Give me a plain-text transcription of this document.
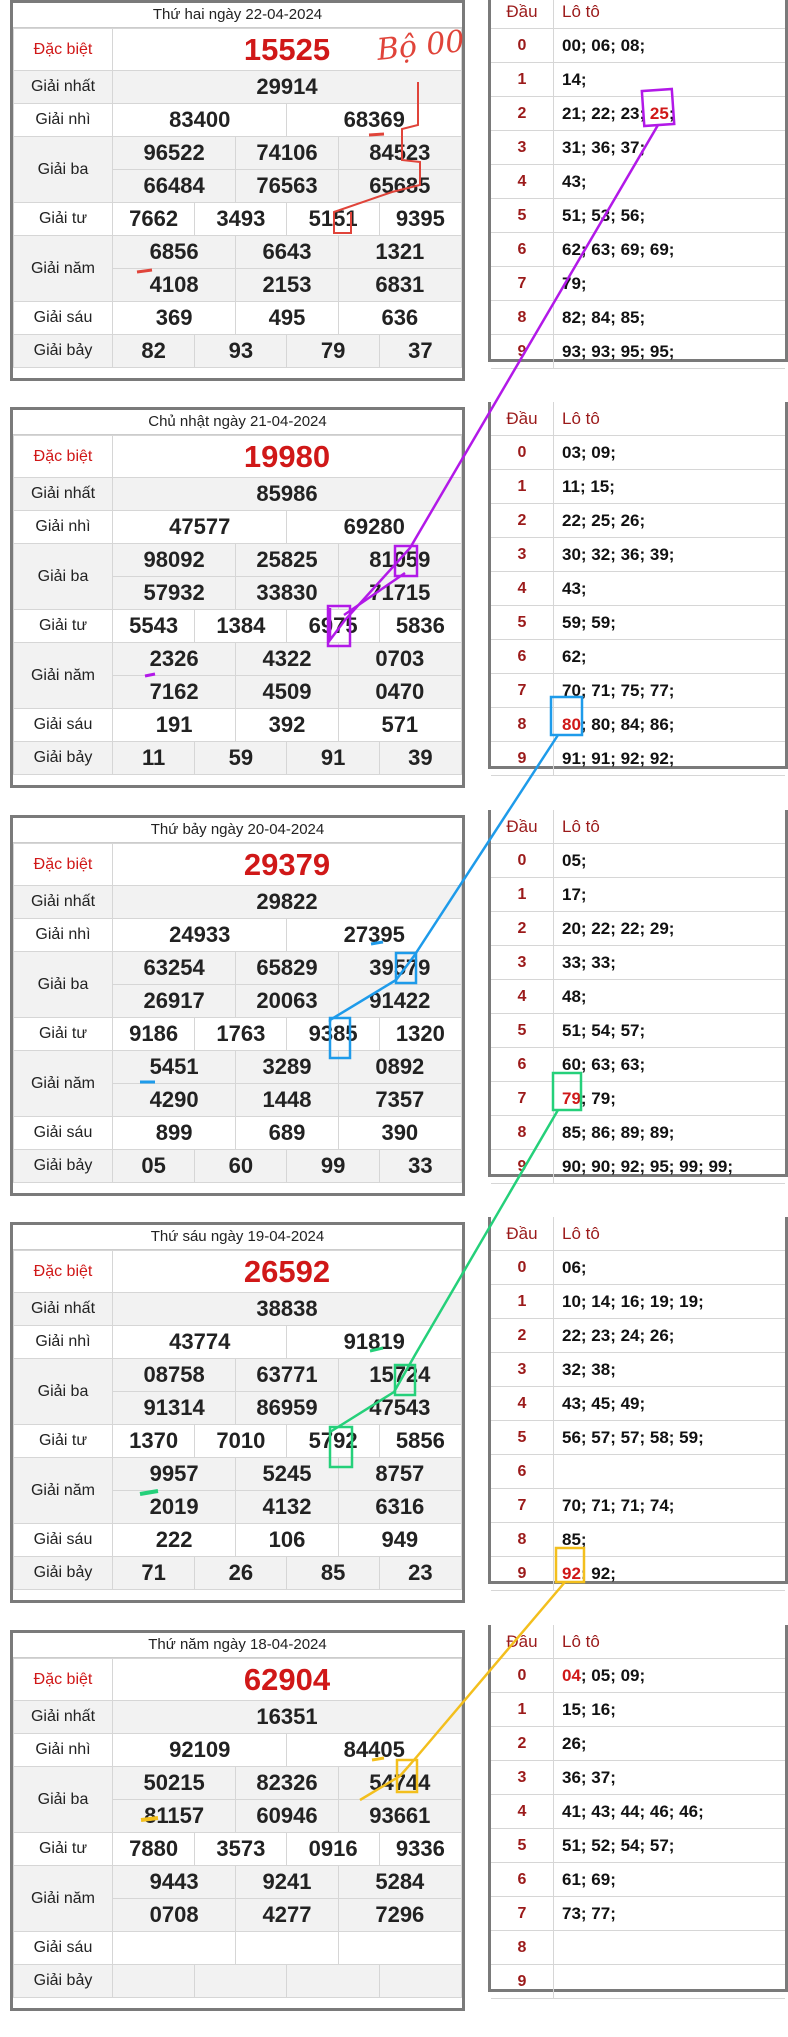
Thứ hai ngày 22-04-2024
Đặc biệt	15525					
Giải nhất	29914					
Giải nhì	83400			68369		
Giải ba	96522		74106		84523	
	66484		76563		65685	
Giải tư	7662	3493		5151		9395
Giải năm	6856		6643		1321	
	4108		2153		6831	
Giải sáu	369		495		636	
Giải bảy	82	93		79		37
Đầu	Lô tô
0	00; 06; 08;
1	14;
2	21; 22; 23; 25;
3	31; 36; 37;
4	43;
5	51; 53; 56;
6	62; 63; 69; 69;
7	79;
8	82; 84; 85;
9	93; 93; 95; 95;
Chủ nhật ngày 21-04-2024
Đặc biệt	19980					
Giải nhất	85986					
Giải nhì	47577			69280		
Giải ba	98092		25825		81059	
	57932		33830		71715	
Giải tư	5543	1384		6975		5836
Giải năm	2326		4322		0703	
	7162		4509		0470	
Giải sáu	191		392		571	
Giải bảy	11	59		91		39
Đầu	Lô tô
0	03; 09;
1	11; 15;
2	22; 25; 26;
3	30; 32; 36; 39;
4	43;
5	59; 59;
6	62;
7	70; 71; 75; 77;
8	80; 80; 84; 86;
9	91; 91; 92; 92;
Thứ bảy ngày 20-04-2024
Đặc biệt	29379					
Giải nhất	29822					
Giải nhì	24933			27395		
Giải ba	63254		65829		39579	
	26917		20063		91422	
Giải tư	9186	1763		9385		1320
Giải năm	5451		3289		0892	
	4290		1448		7357	
Giải sáu	899		689		390	
Giải bảy	05	60		99		33
Đầu	Lô tô
0	05;
1	17;
2	20; 22; 22; 29;
3	33; 33;
4	48;
5	51; 54; 57;
6	60; 63; 63;
7	79; 79;
8	85; 86; 89; 89;
9	90; 90; 92; 95; 99; 99;
Thứ sáu ngày 19-04-2024
Đặc biệt	26592					
Giải nhất	38838					
Giải nhì	43774			91819		
Giải ba	08758		63771		15724	
	91314		86959		47543	
Giải tư	1370	7010		5792		5856
Giải năm	9957		5245		8757	
	2019		4132		6316	
Giải sáu	222		106		949	
Giải bảy	71	26		85		23
Đầu	Lô tô
0	06;
1	10; 14; 16; 19; 19;
2	22; 23; 24; 26;
3	32; 38;
4	43; 45; 49;
5	56; 57; 57; 58; 59;
6	
7	70; 71; 71; 74;
8	85;
9	92; 92;
Thứ năm ngày 18-04-2024
Đặc biệt	62904					
Giải nhất	16351					
Giải nhì	92109			84405		
Giải ba	50215		82326		54744	
	81157		60946		93661	
Giải tư	7880	3573		0916		9336
Giải năm	9443		9241		5284	
	0708		4277		7296	
Giải sáu						
Giải bảy						
Đầu	Lô tô
0	04; 05; 09;
1	15; 16;
2	26;
3	36; 37;
4	41; 43; 44; 46; 46;
5	51; 52; 54; 57;
6	61; 69;
7	73; 77;
8	
9	
Bộ 00
